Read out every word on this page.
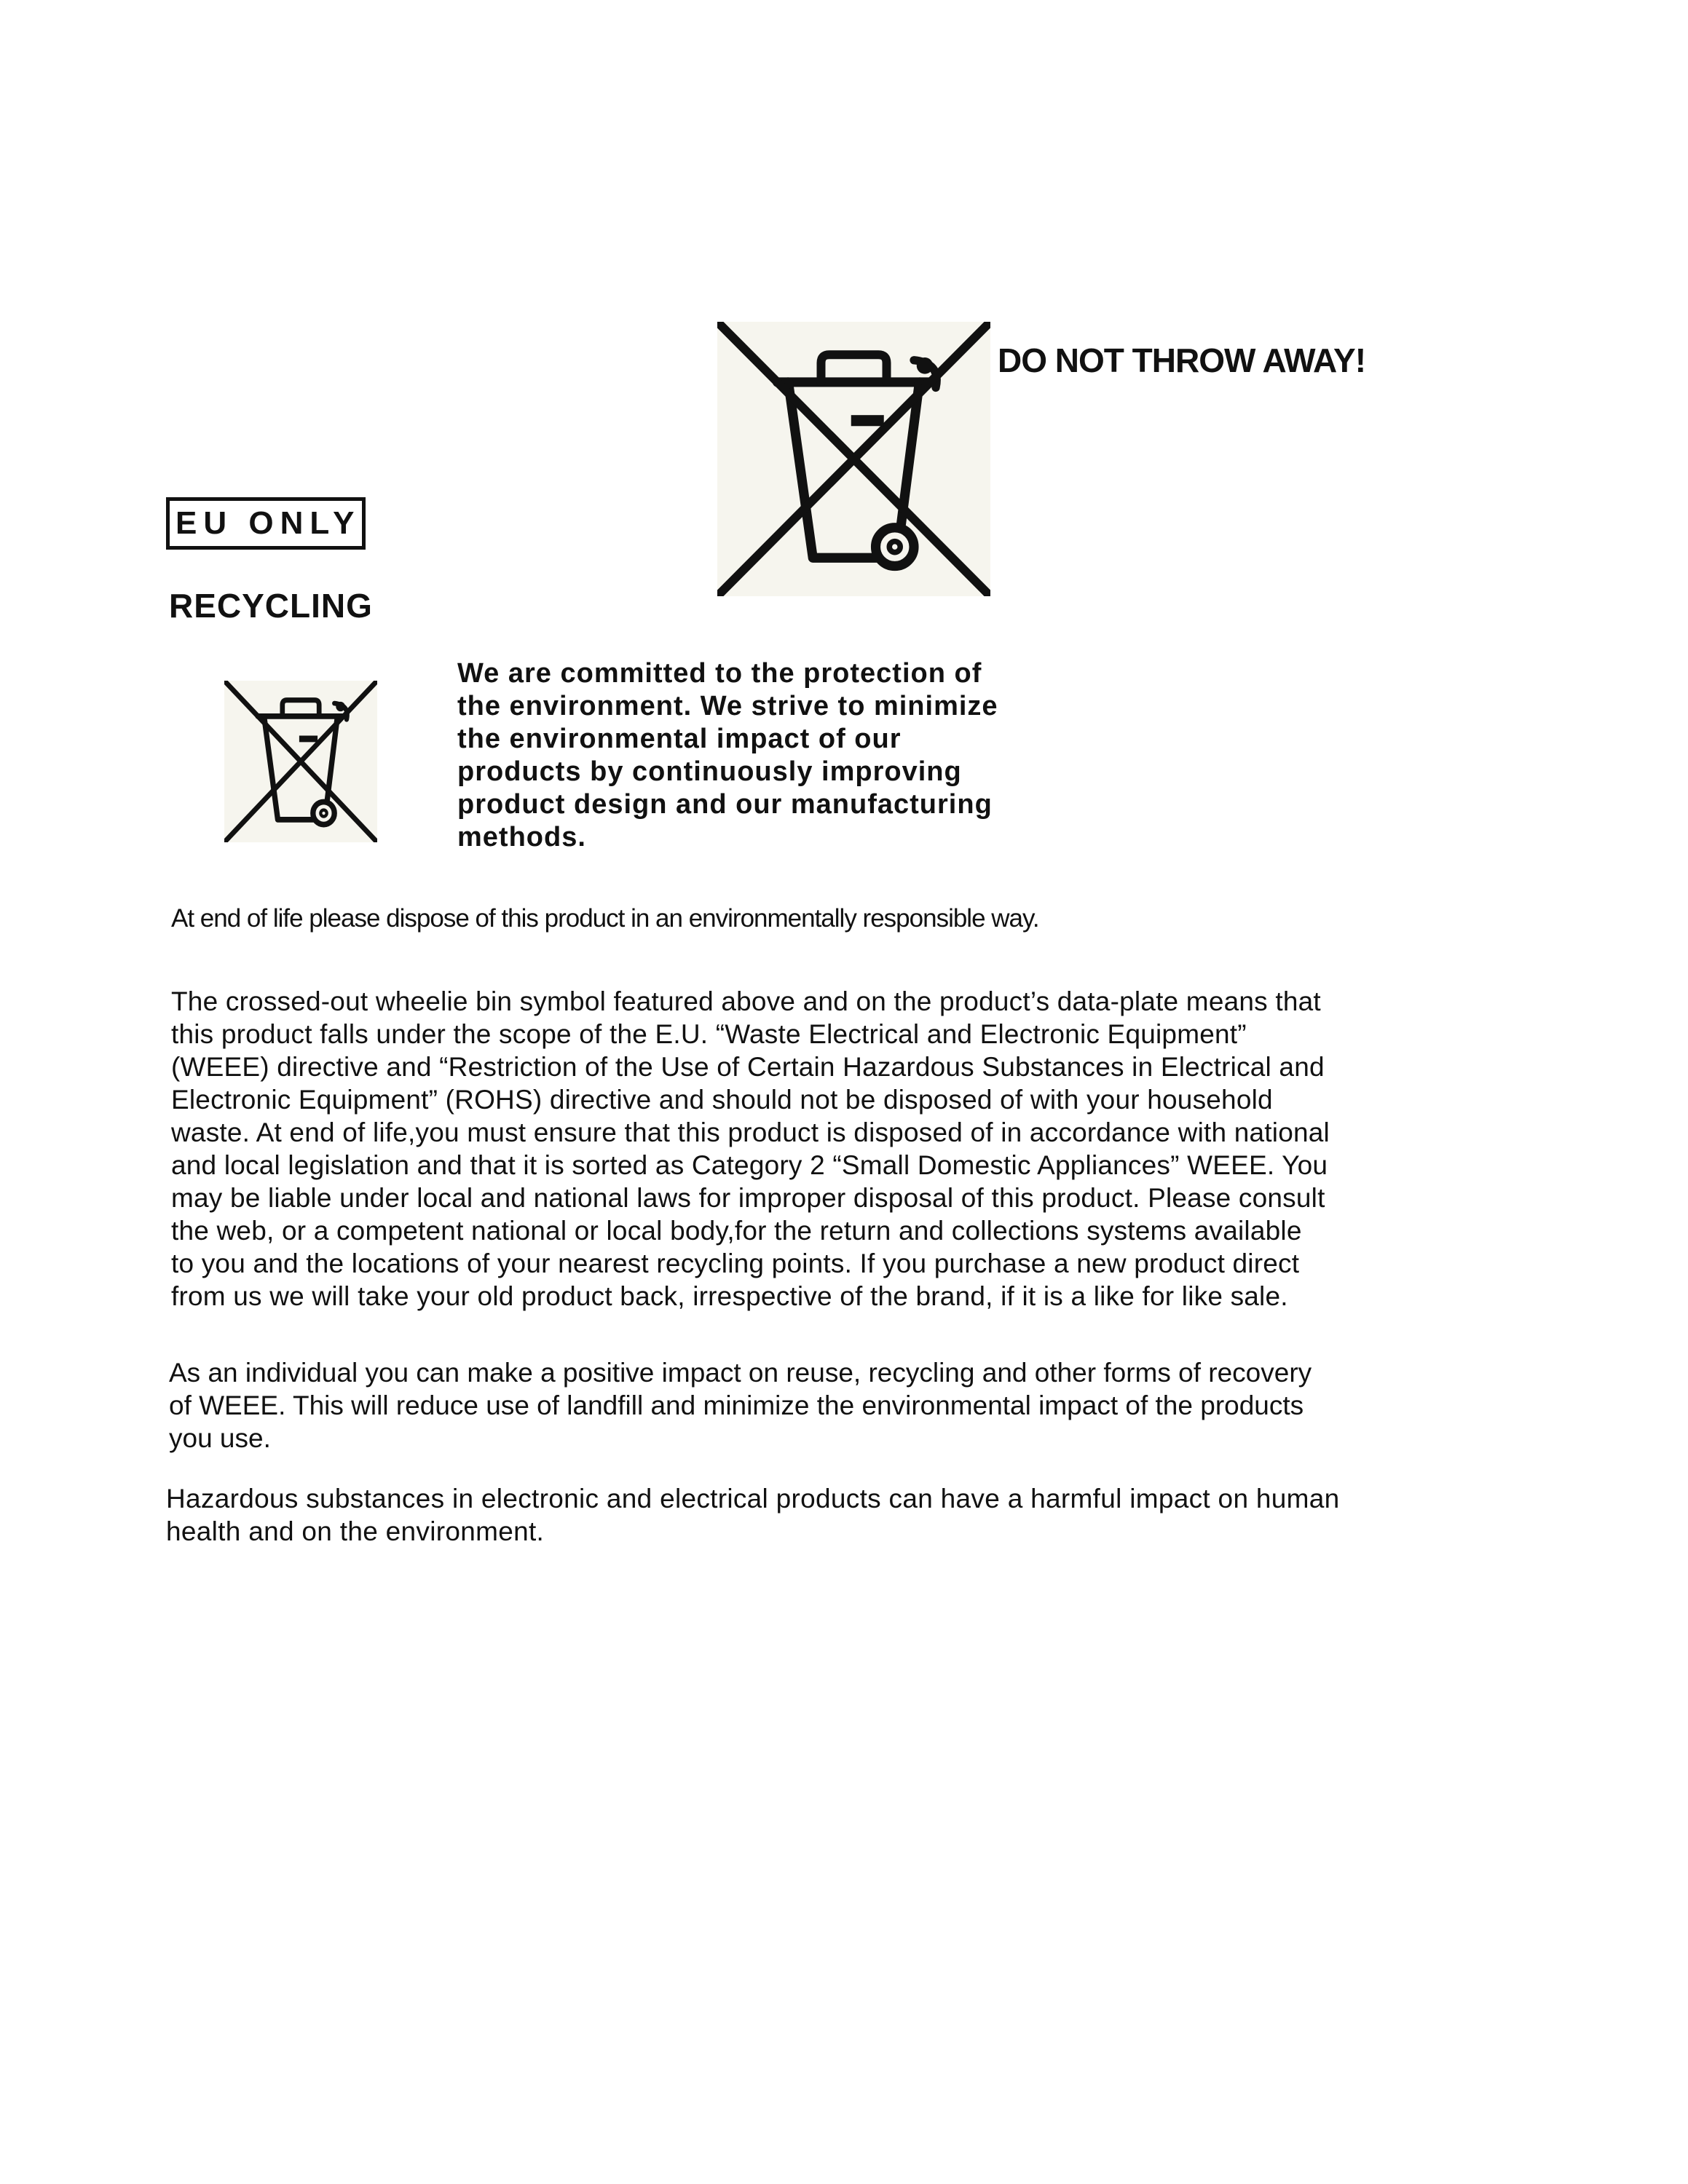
DO NOT THROW AWAY!
EU ONLY
RECYCLING
We are committed to the protection of
the environment. We strive to minimize
the environmental impact of our
products by continuously improving
product design and our manufacturing
methods.
At end of life please dispose of this product in an environmentally responsible way.
The crossed-out wheelie bin symbol featured above and on the product’s data-plate means that
this product falls under the scope of the E.U. “Waste Electrical and Electronic Equipment”
(WEEE) directive and “Restriction of the Use of Certain Hazardous Substances in Electrical and
Electronic Equipment” (ROHS) directive and should not be disposed of with your household
waste. At end of life,you must ensure that this product is disposed of in accordance with national
and local legislation and that it is sorted as Category 2 “Small Domestic Appliances” WEEE. You
may be liable under local and national laws for improper disposal of this product. Please consult
the web, or a competent national or local body,for the return and collections systems available
to you and the locations of your nearest recycling points. If you purchase a new product direct
from us we will take your old product back, irrespective of the brand, if it is a like for like sale.
As an individual you can make a positive impact on reuse, recycling and other forms of recovery
of WEEE. This will reduce use of landfill and minimize the environmental impact of the products
you use.
Hazardous substances in electronic and electrical products can have a harmful impact on human
health and on the environment.
